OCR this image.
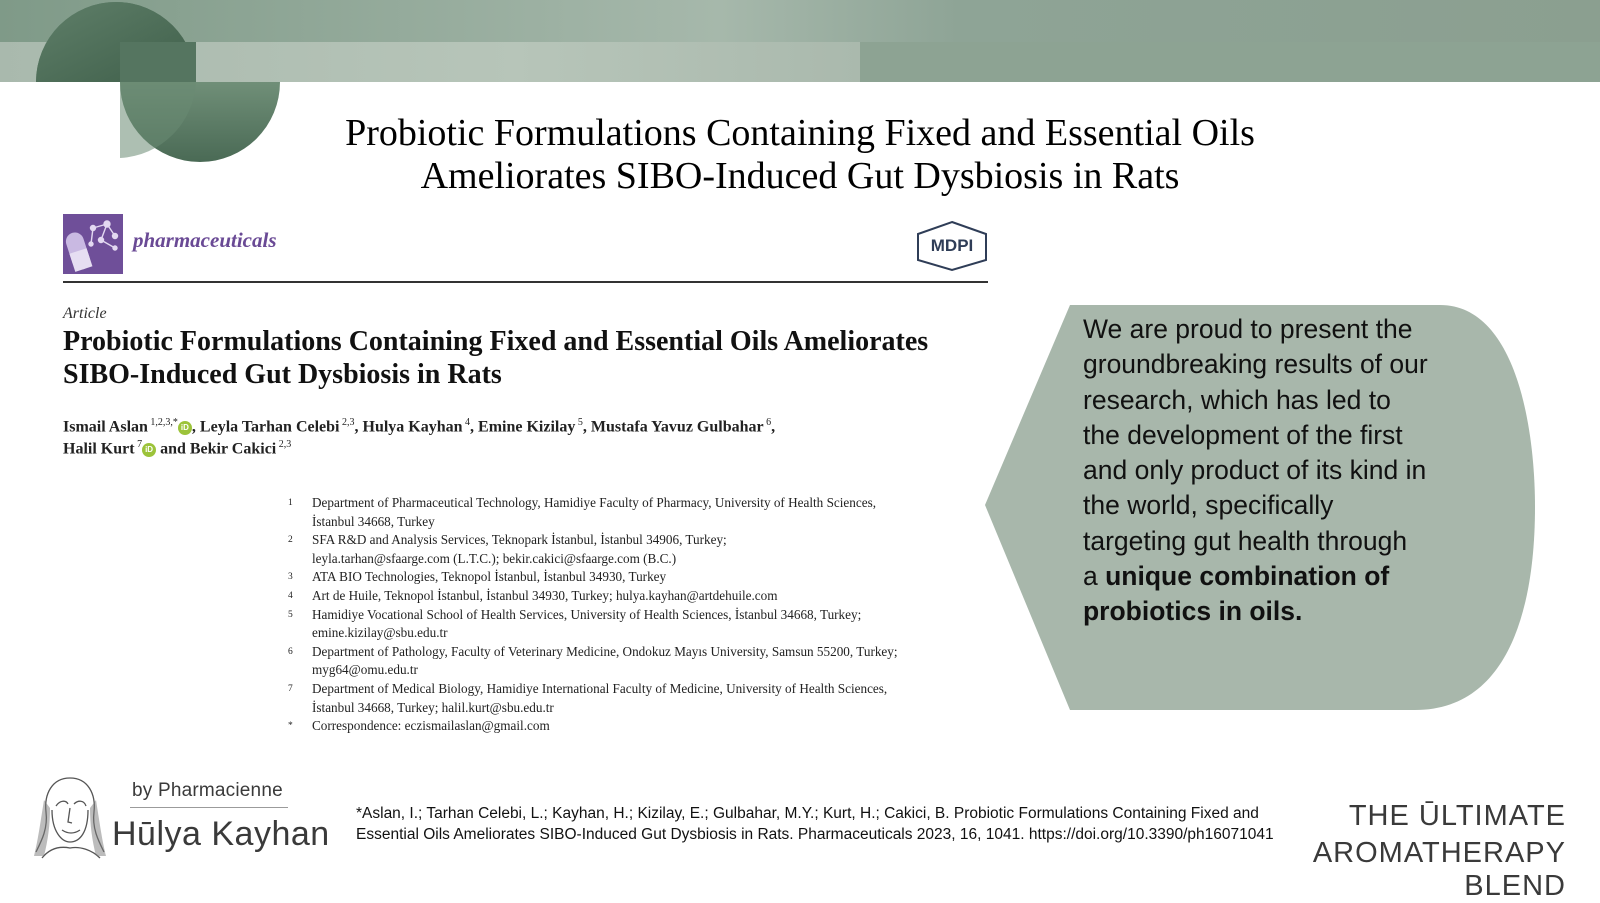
Probiotic Formulations Containing Fixed and Essential Oils Ameliorates SIBO-Induced Gut Dysbiosis in Rats
pharmaceuticals	MDPI
Article
Probiotic Formulations Containing Fixed and Essential Oils Ameliorates SIBO-Induced Gut Dysbiosis in Rats
Ismail Aslan $^{1,2,3,*}$ iD , Leyla Tarhan Celebi $^{2,3}$, Hulya Kayhan $^4$, Emine Kizilay $^5$, Mustafa Yavuz Gulbahar $^6$,
Halil Kurt $^7$ iD and Bekir Cakici $^{2,3}$
1	Department of Pharmaceutical Technology, Hamidiye Faculty of Pharmacy, University of Health Sciences,
İstanbul 34668, Turkey
2	SFA R&D and Analysis Services, Teknopark İstanbul, İstanbul 34906, Turkey;
leyla.tarhan@sfaarge.com (L.T.C.); bekir.cakici@sfaarge.com (B.C.)
3	ATA BIO Technologies, Teknopol İstanbul, İstanbul 34930, Turkey
4	Art de Huile, Teknopol İstanbul, İstanbul 34930, Turkey; hulya.kayhan@artdehuile.com
5	Hamidiye Vocational School of Health Services, University of Health Sciences, İstanbul 34668, Turkey;
emine.kizilay@sbu.edu.tr
6	Department of Pathology, Faculty of Veterinary Medicine, Ondokuz Mayıs University, Samsun 55200, Turkey;
myg64@omu.edu.tr
7	Department of Medical Biology, Hamidiye International Faculty of Medicine, University of Health Sciences,
İstanbul 34668, Turkey; halil.kurt@sbu.edu.tr
*	Correspondence: eczismailaslan@gmail.com
We are proud to present the groundbreaking results of our research, which has led to the development of the first and only product of its kind in the world, specifically targeting gut health through a unique combination of probiotics in oils.
by Pharmacienne
Hūlya Kayhan
*Aslan, I.; Tarhan Celebi, L.; Kayhan, H.; Kizilay, E.; Gulbahar, M.Y.; Kurt, H.; Cakici, B. Probiotic Formulations Containing Fixed and Essential Oils Ameliorates SIBO-Induced Gut Dysbiosis in Rats. Pharmaceuticals 2023, 16, 1041. https://doi.org/10.3390/ph16071041
THE ŪLTIMATE
AROMATHERAPY BLEND
